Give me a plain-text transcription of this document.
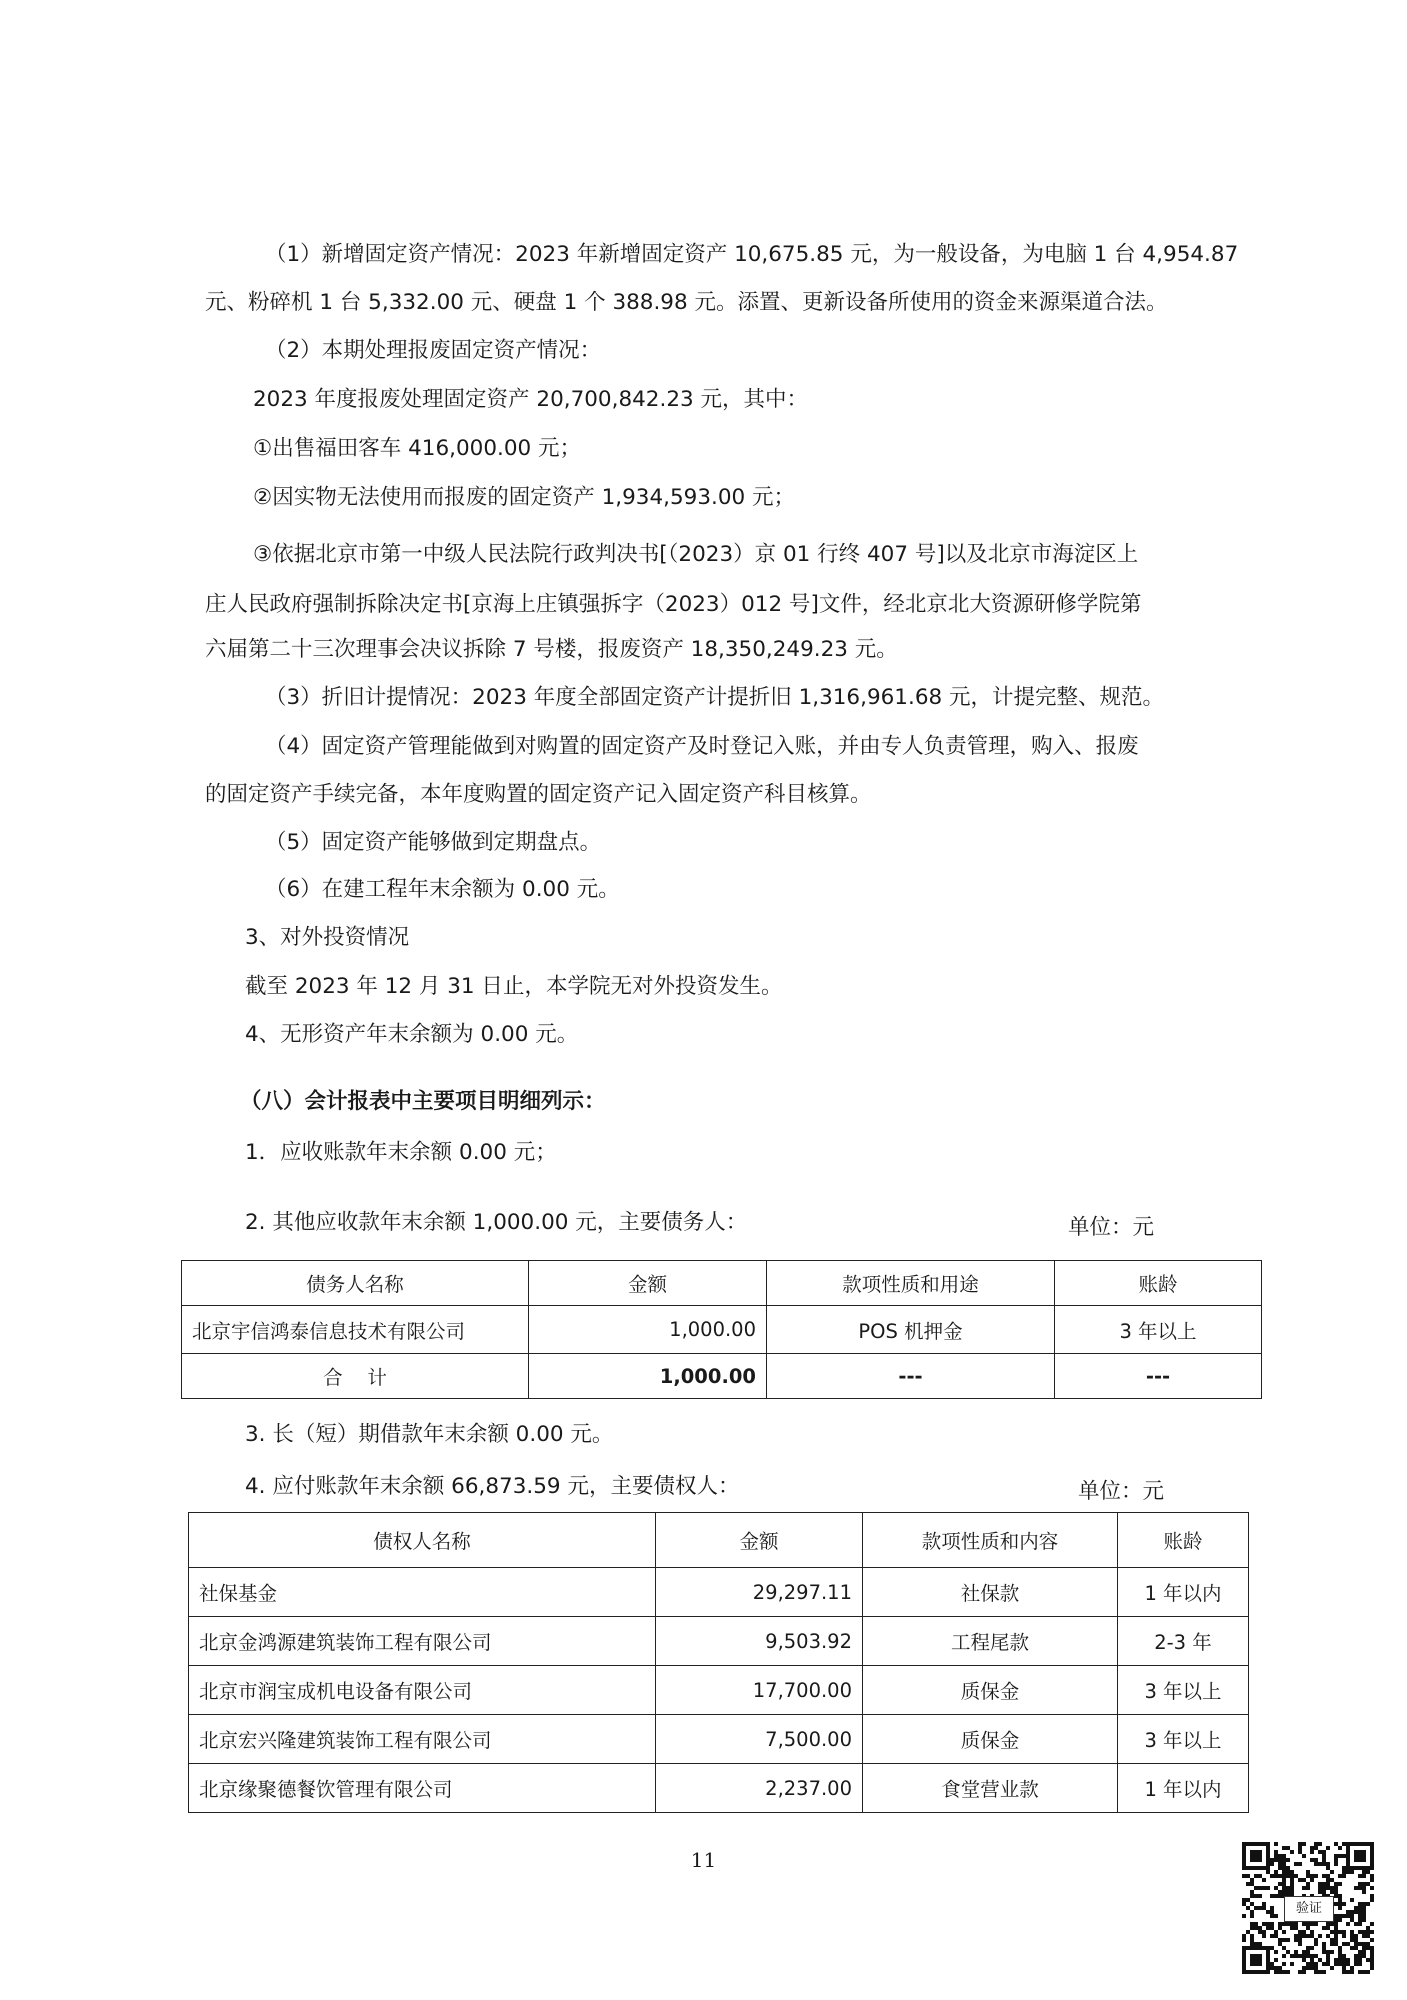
（1）新增固定资产情况：2023 年新增固定资产 10,675.85 元，为一般设备，为电脑 1 台 4,954.87
元、粉碎机 1 台 5,332.00 元、硬盘 1 个 388.98 元。添置、更新设备所使用的资金来源渠道合法。
（2）本期处理报废固定资产情况：
2023 年度报废处理固定资产 20,700,842.23 元，其中：
①出售福田客车 416,000.00 元；
②因实物无法使用而报废的固定资产 1,934,593.00 元；
③依据北京市第一中级人民法院行政判决书[（2023）京 01 行终 407 号]以及北京市海淀区上
庄人民政府强制拆除决定书[京海上庄镇强拆字（2023）012 号]文件，经北京北大资源研修学院第
六届第二十三次理事会决议拆除 7 号楼，报废资产 18,350,249.23 元。
（3）折旧计提情况：2023 年度全部固定资产计提折旧 1,316,961.68 元，计提完整、规范。
（4）固定资产管理能做到对购置的固定资产及时登记入账，并由专人负责管理，购入、报废
的固定资产手续完备，本年度购置的固定资产记入固定资产科目核算。
（5）固定资产能够做到定期盘点。
（6）在建工程年末余额为 0.00 元。
3、对外投资情况
截至 2023 年 12 月 31 日止，本学院无对外投资发生。
4、无形资产年末余额为 0.00 元。
（八）会计报表中主要项目明细列示：
1．应收账款年末余额 0.00 元；
2. 其他应收款年末余额 1,000.00 元，主要债务人：	单位：元
债务人名称	金额	款项性质和用途	账龄
北京宇信鸿泰信息技术有限公司	1,000.00	POS 机押金	3 年以上
合    计	1,000.00	---	---
3. 长（短）期借款年末余额 0.00 元。
4. 应付账款年末余额 66,873.59 元，主要债权人：	单位：元
债权人名称	金额	款项性质和内容	账龄
社保基金	29,297.11	社保款	1 年以内
北京金鸿源建筑装饰工程有限公司	9,503.92	工程尾款	2-3 年
北京市润宝成机电设备有限公司	17,700.00	质保金	3 年以上
北京宏兴隆建筑装饰工程有限公司	7,500.00	质保金	3 年以上
北京缘聚德餐饮管理有限公司	2,237.00	食堂营业款	1 年以内
11
验证
